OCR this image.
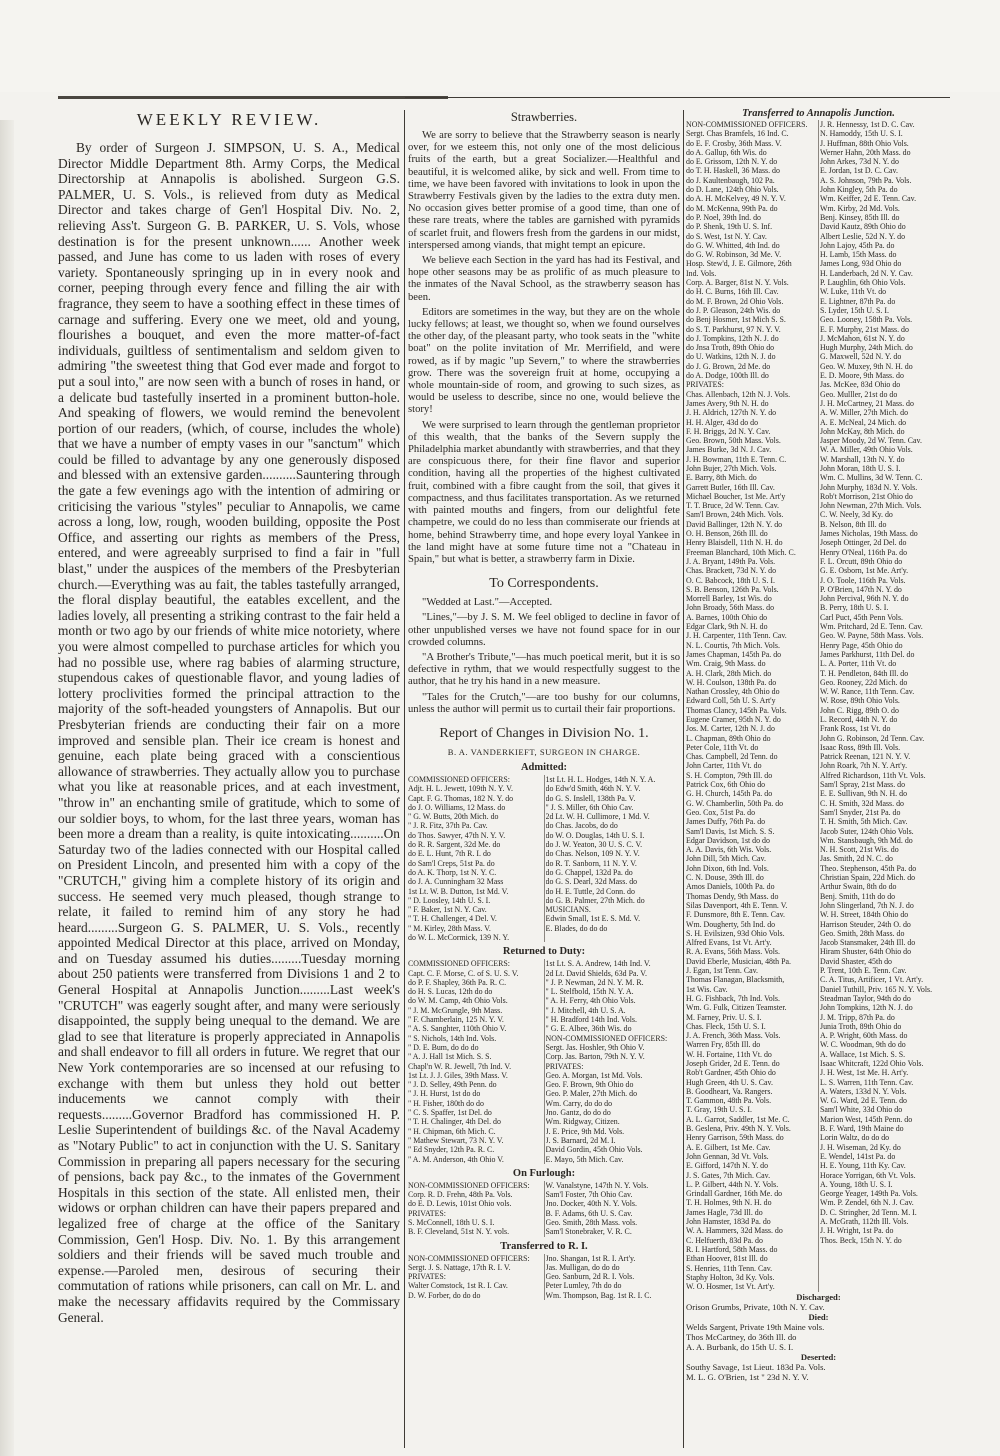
WEEKLY REVIEW.

By order of Surgeon J. SIMPSON, U. S. A., Medical Director Middle Department 8th. Army Corps, the Medical Directorship at Annapolis is abolished. Surgeon G.S. PALMER, U. S. Vols., is relieved from duty as Medical Director and takes charge of Gen'l Hospital Div. No. 2, relieving Ass't. Surgeon G. B. PARKER, U. S. Vols, whose destination is for the present unknown...... Another week passed, and June has come to us laden with roses of every variety. Spontaneously springing up in in every nook and corner, peeping through every fence and filling the air with fragrance, they seem to have a soothing effect in these times of carnage and suffering. Every one we meet, old and young, flourishes a bouquet, and even the more matter-of-fact individuals, guiltless of sentimentalism and seldom given to admiring "the sweetest thing that God ever made and forgot to put a soul into," are now seen with a bunch of roses in hand, or a delicate bud tastefully inserted in a prominent button-hole. And speaking of flowers, we would remind the benevolent portion of our readers, (which, of course, includes the whole) that we have a number of empty vases in our "sanctum" which could be filled to advantage by any one generously disposed and blessed with an extensive garden..........Sauntering through the gate a few evenings ago with the intention of admiring or criticising the various "styles" peculiar to Annapolis, we came across a long, low, rough, wooden building, opposite the Post Office, and asserting our rights as members of the Press, entered, and were agreeably surprised to find a fair in "full blast," under the auspices of the members of the Presbyterian church.—Everything was au fait, the tables tastefully arranged, the floral display beautiful, the eatables excellent, and the ladies lovely, all presenting a striking contrast to the fair held a month or two ago by our friends of white mice notoriety, where you were almost compelled to purchase articles for which you had no possible use, where rag babies of alarming structure, stupendous cakes of questionable flavor, and young ladies of lottery proclivities formed the principal attraction to the majority of the soft-headed youngsters of Annapolis. But our Presbyterian friends are conducting their fair on a more improved and sensible plan. Their ice cream is honest and genuine, each plate being graced with a conscientious allowance of strawberries. They actually allow you to purchase what you like at reasonable prices, and at each investment, "throw in" an enchanting smile of gratitude, which to some of our soldier boys, to whom, for the last three years, woman has been more a dream than a reality, is quite intoxicating..........On Saturday two of the ladies connected with our Hospital called on President Lincoln, and presented him with a copy of the "CRUTCH," giving him a complete history of its origin and success. He seemed very much pleased, though strange to relate, it failed to remind him of any story he had heard.........Surgeon G. S. PALMER, U. S. Vols., recently appointed Medical Director at this place, arrived on Monday, and on Tuesday assumed his duties.........Tuesday morning about 250 patients were transferred from Divisions 1 and 2 to General Hospital at Annapolis Junction.........Last week's "CRUTCH" was eagerly sought after, and many were seriously disappointed, the supply being unequal to the demand. We are glad to see that literature is properly appreciated in Annapolis and shall endeavor to fill all orders in future. We regret that our New York contemporaries are so incensed at our refusing to exchange with them but unless they hold out better inducements we cannot comply with their requests.........Governor Bradford has commissioned H. P. Leslie Superintendent of buildings &c. of the Naval Academy as "Notary Public" to act in conjunction with the U. S. Sanitary Commission in preparing all papers necessary for the securing of pensions, back pay &c., to the inmates of the Government Hospitals in this section of the state. All enlisted men, their widows or orphan children can have their papers prepared and legalized free of charge at the office of the Sanitary Commission, Gen'l Hosp. Div. No. 1. By this arrangement soldiers and their friends will be saved much trouble and expense.—Paroled men, desirous of securing their commutation of rations while prisoners, can call on Mr. L. and make the necessary affidavits required by the Commissary General.

Strawberries.

We are sorry to believe that the Strawberry season is nearly over, for we esteem this, not only one of the most delicious fruits of the earth, but a great Socializer.—Healthful and beautiful, it is welcomed alike, by sick and well. From time to time, we have been favored with invitations to look in upon the Strawberry Festivals given by the ladies to the extra duty men. No occasion gives better promise of a good time, than one of these rare treats, where the tables are garnished with pyramids of scarlet fruit, and flowers fresh from the gardens in our midst, interspersed among viands, that might tempt an epicure.

We believe each Section in the yard has had its Festival, and hope other seasons may be as prolific of as much pleasure to the inmates of the Naval School, as the strawberry season has been.

Editors are sometimes in the way, but they are on the whole lucky fellows; at least, we thought so, when we found ourselves the other day, of the pleasant party, who took seats in the "white boat" on the polite invitation of Mr. Merrifield, and were rowed, as if by magic "up Severn," to where the strawberries grow. There was the sovereign fruit at home, occupying a whole mountain-side of room, and growing to such sizes, as would be useless to describe, since no one, would believe the story!

We were surprised to learn through the gentleman proprietor of this wealth, that the banks of the Severn supply the Philadelphia market abundantly with strawberries, and that they are conspicuous there, for their fine flavor and superior condition, having all the properties of the highest cultivated fruit, combined with a fibre caught from the soil, that gives it compactness, and thus facilitates transportation. As we returned with painted mouths and fingers, from our delightful fete champetre, we could do no less than commiserate our friends at home, behind Strawberry time, and hope every loyal Yankee in the land might have at some future time not a "Chateau in Spain," but what is better, a strawberry farm in Dixie.

To Correspondents.

"Wedded at Last."—Accepted.

"Lines,"—by J. S. M. We feel obliged to decline in favor of other unpublished verses we have not found space for in our crowded columns.

"A Brother's Tribute,"—has much poetical merit, but it is so defective in rythm, that we would respectfully suggest to the author, that he try his hand in a new measure.

"Tales for the Crutch,"—are too bushy for our columns, unless the author will permit us to curtail their fair proportions.

Report of Changes in Division No. 1.
B. A. VANDERKIEFT, SURGEON IN CHARGE.
Admitted:
COMMISSIONED OFFICERS:
Adjt. H. L. Jewett, 109th N. Y. V.
Capt. F. G. Thomas, 182 N. Y. do
do J. O. Williams, 12 Mass. do
" G. W. Butts, 20th Mich. do
" J. R. Fitz, 37th Pa. Cav.
do Thos. Sawyer, 47th N. Y. V.
do R. R. Sargent, 32d Me. do
do E. L. Hunt, 7th R. I. do
do Sam'l Creps, 51st Pa. do
do A. K. Thorp, 1st N. Y. C.
do J. A. Cunningham 32 Mass
1st Lt. W. B. Dutton, 1st Md. V.
" D. Loosley, 14th U. S. I.
" F. Baker, 1st N. Y. Cav.
" T. H. Challenger, 4 Del. V.
" M. Kirley, 28th Mass. V.
do W. L. McCormick, 139 N. Y.
1st Lt. H. L. Hodges, 14th N. Y. A.
do Edw'd Smith, 46th N. Y. V.
do G. S. Inslell, 138th Pa. V.
" J. S. Miller, 6th Ohio Cav.
2d Lt. W. H. Cullimore, 1 Md. V.
do Chas. Jacobs, do do
do W. O. Douglas, 14th U. S. I.
do J. W. Yeaton, 30 U. S. C. V.
do Chas. Nelson, 109 N. Y. V.
do R. T. Sanborn, 11 N. Y. V.
do G. Chappel, 132d Pa. do
do G. S. Dearl, 32d Mass. do
do H. E. Tuttle, 2d Conn. do
do G. B. Palmer, 27th Mich. do
MUSICIANS.
Edwin Small, 1st E. S. Md. V.
E. Blades, do do do
Returned to Duty:
COMMISSIONED OFFICERS:
Capt. C. F. Morse, C. of S. U. S. V.
do P. F. Shapley, 36th Pa. R. C.
do H. S. Lucas, 12th do do
do W. M. Camp, 4th Ohio Vols.
" J. M. McGrungle, 9th Mass.
" F. Chamberlain, 125 N. Y. V.
" A. S. Sanghter, 110th Ohio V.
" S. Nichols, 14th Ind. Vols.
" D. E. Bum, do do do
" A. J. Hall 1st Mich. S. S.
Chapl'n W. R. Jewell, 7th Ind. V.
1st Lt. J. J. Giles, 39th Mass. V.
" J. D. Selley, 49th Penn. do
" J. H. Hurst, 1st do do
" H. Fisher, 180th do do
" C. S. Spaffer, 1st Del. do
" T. H. Chalinger, 4th Del. do
" H. Chipman, 6th Mich. C.
" Mathew Stewart, 73 N. Y. V.
" Ed Snyder, 12th Pa. R. C.
" A. M. Anderson, 4th Ohio V.
1st Lt. S. A. Andrew, 14th Ind. V.
2d Lt. David Shields, 63d Pa. V.
" J. P. Newman, 2d N. Y. M. R.
" L. Stelfbold, 15th N. Y. A.
" A. H. Ferry, 4th Ohio Vols.
" J. Mitchell, 4th U. S. A.
" H. Bradford 14th Ind. Vols.
" G. E. Albee, 36th Wis. do
NON-COMMISSIONED OFFICERS:
Sergt. Jas. Hoshler, 9th Ohio V.
Corp. Jas. Barton, 79th N. Y. V.
PRIVATES:
Geo. A. Morgan, 1st Md. Vols.
Geo. F. Brown, 9th Ohio do
Geo. P. Maler, 27th Mich. do
Wm. Carry, do do do
Jno. Gantz, do do do
Wm. Ridgway, Citizen.
J. E. Price, 9th Md. Vols.
J. S. Barnard, 2d M. I.
David Gordin, 45th Ohio Vols.
E. Mayo, 5th Mich. Cav.
On Furlough:
NON-COMMISSIONED OFFICERS:
Corp. R. D. Frehn, 48th Pa. Vols.
do E. D. Lewis, 101st Ohio vols.
PRIVATES:
S. McConnell, 18th U. S. I.
B. F. Cleveland, 51st N. Y. vols.
W. Vanalstyne, 147th N. Y. Vols.
Sam'l Foster, 7th Ohio Cav.
Jno. Docker, 40th N. Y. Vols.
B. F. Adams, 6th U. S. Cav.
Geo. Smith, 28th Mass. vols.
Sam'l Stonebraker, V. R. C.
Transferred to R. I.
NON-COMMISSIONED OFFICERS:
Sergt. J. S. Nattage, 17th R. I. V.
PRIVATES:
Walter Comstock, 1st R. I. Cav.
D. W. Forber, do do do
Jno. Shangan, 1st R. I. Art'y.
Jas. Mulligan, do do do
Geo. Sanburn, 2d R. I. Vols.
Peter Lumley, 7th do do
Wm. Thompson, Bag. 1st R. I. C.
Transferred to Annapolis Junction.
NON-COMMISSIONED OFFICERS.
Sergt. Chas Bramfels, 16 Ind. C.
do E. F. Crosby, 36th Mass. V.
do A. Gallup, 6th Wis. do
do E. Grissom, 12th N. Y. do
do T. H. Haskell, 36 Mass. do
do J. Kaultenbaugh, 102 Pa.
do D. Lane, 124th Ohio Vols.
do A. H. McKelvey, 49 N. Y. V.
do M. McKenna, 99th Pa. do
do P. Noel, 39th Ind. do
do P. Shenk, 19th U. S. Inf.
do S. West, 1st N. Y. Cav.
do G. W. Whitted, 4th Ind. do
do G. W. Robinson, 3d Me. V.
Hosp. Stew'd, J. E. Gilmore, 26th
Ind. Vols.
Corp. A. Barger, 81st N. Y. Vols.
do H. C. Burns, 16th Ill. Cav.
do M. F. Brown, 2d Ohio Vols.
do J. P. Gleason, 24th Wis. do
do Benj Hosmer, 1st Mich S. S.
do S. T. Parkhurst, 97 N. Y. V.
do J. Tompkins, 12th N. J. do
do Jnsa Troth, 89th Ohio do
do U. Watkins, 12th N. J. do
do J. G. Brown, 2d Me. do
do A. Dodge, 100th Ill. do
PRIVATES:
Chas. Allenbach, 12th N. J. Vols.
James Avery, 9th N. H. do
J. H. Aldrich, 127th N. Y. do
H. H. Alger, 43d do do
F. H. Briggs, 2d N. Y. Cav.
Geo. Brown, 50th Mass. Vols.
James Burke, 3d N. J. Cav.
J. H. Bowman, 11th E. Tenn. C.
John Bujer, 27th Mich. Vols.
E. Barry, 8th Mich. do
Garrett Butler, 16th Ill. Cav.
Michael Boucher, 1st Me. Art'y
T. T. Bruce, 2d W. Tenn. Cav.
Sam'l Brown, 24th Mich. Vols.
David Ballinger, 12th N. Y. do
O. H. Benson, 26th Ill. do
Henry Blaisdell, 11th N. H. do
Freeman Blanchard, 10th Mich. C.
J. A. Bryant, 149th Pa. Vols.
Chas. Brackett, 73d N. Y. do
O. C. Babcock, 18th U. S. I.
S. B. Benson, 126th Pa. Vols.
Morrell Barley, 1st Wis. do
John Broady, 56th Mass. do
A. Barnes, 100th Ohio do
Edgar Clark, 9th N. H. do
J. H. Carpenter, 11th Tenn. Cav.
N. L. Courtis, 7th Mich. Vols.
James Chapman, 145th Pa. do
Wm. Craig, 9th Mass. do
A. H. Clark, 28th Mich. do
W. H. Coulson, 138th Pa. do
Nathan Crossley, 4th Ohio do
Edward Coll, 5th U. S. Art'y
Thomas Clancy, 145th Pa. Vols.
Eugene Cramer, 95th N. Y. do
Jos. M. Carter, 12th N. J. do
L. Chapman, 89th Ohio do
Peter Cole, 11th Vt. do
Chas. Campbell, 2d Tenn. do
John Carter, 11th Vt. do
S. H. Compton, 79th Ill. do
Patrick Cox, 6th Ohio do
G. H. Church, 145th Pa. do
G. W. Chamberlin, 50th Pa. do
Geo. Cox, 51st Pa. do
James Duffy, 76th Pa. do
Sam'l Davis, 1st Mich. S. S.
Edgar Davidson, 1st do do
A. A. Davis, 6th Wis. Vols.
John Dill, 5th Mich. Cav.
John Dixon, 6th Ind. Vols.
C. N. Douse, 39th Ill. do
Amos Daniels, 100th Pa. do
Thomas Dendy, 9th Mass. do
Silas Davenport, 4th E. Tenn. V.
F. Dunsmore, 8th E. Tenn. Cav.
Wm. Dougherty, 5th Ind. do
S. H. Evilsizen, 93d Ohio Vols.
Alfred Evans, 1st Vt. Art'y.
R. A. Evans, 56th Mass. Vols.
David Eberle, Musician, 48th Pa.
J. Egan, 1st Tenn. Cav.
Thomas Flanagan, Blacksmith,
1st Wis. Cav.
H. G. Fishback, 7th Ind. Vols.
Wm. G. Fulk, Citizen Teamster.
M. Farney, Priv. U. S. I.
Chas. Fleck, 15th U. S. I.
J. A. French, 36th Mass. Vols.
Warren Fry, 85th Ill. do
W. H. Fortaine, 11th Vt. do
Joseph Grider, 2d E. Tenn. do
Rob't Gardner, 45th Ohio do
Hugh Green, 4th U. S. Cav.
B. Goodheart, Va. Rangers.
T. Gammon, 48th Pa. Vols.
T. Gray, 19th U. S. I.
A. L. Garrot, Saddler, 1st Me. C.
B. Geslena, Priv. 49th N. Y. Vols.
Henry Garrison, 59th Mass. do
A. E. Gilbert, 1st Me. Cav.
John Gennan, 3d Vt. Vols.
E. Gifford, 147th N. Y. do
J. S. Gates, 7th Mich. Cav.
L. P. Gilbert, 44th N. Y. Vols.
Grindall Gardner, 16th Me. do
T. H. Holmes, 9th N. H. do
James Hagle, 73d Ill. do
John Hamster, 183d Pa. do
W. A. Hammers, 32d Mass. do
C. Helfuerth, 83d Pa. do
R. I. Hartford, 58th Mass. do
Ethan Hoover, 81st Ill. do
S. Henries, 11th Tenn. Cav.
Staphy Holton, 3d Ky. Vols.
W. O. Hosmer, 1st Vt. Art'y.
J. R. Hennessy, 1st D. C. Cav.
N. Hamoddy, 15th U. S. I.
J. Huffman, 88th Ohio Vols.
Werner Hahn, 20th Mass. do
John Arkes, 73d N. Y. do
E. Jordan, 1st D. C. Cav.
A. S. Johnson, 79th Pa. Vols.
John Kingley, 5th Pa. do
Wm. Keiffer, 2d E. Tenn. Cav.
Wm. Kirby, 2d Md. Vols.
Benj. Kinsey, 85th Ill. do
David Kautz, 89th Ohio do
Albert Leslie, 52d N. Y. do
John Lajoy, 45th Pa. do
H. Lamb, 15th Mass. do
James Long, 93d Ohio do
H. Landerbach, 2d N. Y. Cav.
P. Laughlin, 6th Ohio Vols.
W. Luke, 11th Vt. do
E. Lightner, 87th Pa. do
S. Lyder, 15th U. S. I.
Geo. Looney, 158th Pa. Vols.
E. F. Murphy, 21st Mass. do
J. McMahon, 61st N. Y. do
Hugh Murphy, 24th Mich. do
G. Maxwell, 52d N. Y. do
Geo. W. Muxey, 9th N. H. do
E. D. Moore, 9th Mass. do
Jas. McKee, 83d Ohio do
Geo. Mulller, 21st do do
J. H. McCartney, 21 Mass. do
A. W. Miller, 27th Mich. do
A. E. McNeal, 24 Mich. do
John McKay, 8th Mich. do
Jasper Moody, 2d W. Tenn. Cav.
W. A. Miller, 49th Ohio Vols.
W. Marshall, 13th N. Y. do
John Moran, 18th U. S. I.
Wm. C. Mullins, 3d W. Tenn. C.
John Murphy, 183d N. Y. Vols.
Rob't Morrison, 21st Ohio do
John Newman, 27th Mich. Vols.
C. W. Neely, 3d Ky. do
B. Nelson, 8th Ill. do
James Nicholas, 19th Mass. do
Joseph Ottinger, 2d Del. do
Henry O'Neal, 116th Pa. do
F. L. Orcutt, 89th Ohio do
G. E. Osborn, 1st Me. Art'y.
J. O. Toole, 116th Pa. Vols.
P. O'Brien, 147th N. Y. do
John Percival, 96th N. Y. do
B. Perry, 18th U. S. I.
Carl Puct, 45th Penn Vols.
Wm. Pritchard, 2d E. Tenn. Cav.
Geo. W. Payne, 58th Mass. Vols.
Henry Page, 45th Ohio do
James Parkhurst, 11th Del. do
L. A. Porter, 11th Vt. do
T. H. Pendleton, 84th Ill. do
Geo. Rooney, 22d Mich. do
W. W. Rance, 11th Tenn. Cav.
W. Rose, 89th Ohio Vols.
John C. Rigg, 89th O. do
L. Record, 44th N. Y. do
Frank Ross, 1st Vt. do
John G. Robinson, 2d Tenn. Cav.
Isaac Ross, 89th Ill. Vols.
Patrick Reenan, 121 N. Y. V.
John Roark, 7th N. Y. Art'y.
Alfred Richardson, 11th Vt. Vols.
Sam'l Spray, 21st Mass. do
E. E. Sullivan, 9th N. H. do
C. H. Smith, 32d Mass. do
Sam'l Snyder, 21st Pa. do
T. H. Smith, 5th Mich. Cav.
Jacob Suter, 124th Ohio Vols.
Wm. Stansbaugh, 9th Md. do
N. H. Scott, 21st Wis. do
Jas. Smith, 2d N. C. do
Theo. Stephenson, 45th Pa. do
Christian Spain, 22d Mich. do
Arthur Swain, 8th do do
Benj. Smith, 11th do do
John Slingerland, 7th N. J. do
W. H. Street, 184th Ohio do
Harrison Steuder, 24th O. do
Geo. Smith, 28th Mass. do
Jacob Stansmaker, 24th Ill. do
Hiram Shuster, 64th Ohio do
David Shaster, 45th do
P. Trent, 10th E. Tenn. Cav.
C. A. Titus, Artificer, 1 Vt. Art'y.
Daniel Tuthill, Priv. 165 N. Y. Vols.
Steadman Taylor, 94th do do
John Tompkins, 12th N. J. do
J. M. Tripp, 87th Pa. do
Junia Troth, 89th Ohio do
A. P. Wright, 60th Mass. do
W. C. Woodman, 9th do do
A. Wallace, 1st Mich. S. S.
Isaac Whitcraft, 122d Ohio Vols.
J. H. West, 1st Me. H. Art'y.
L. S. Warren, 11th Tenn. Cav.
A. Waters, 133d N. Y. Vols.
W. G. Ward, 2d E. Tenn. do
Sam'l White, 33d Ohio do
Marion West, 145th Penn. do
B. F. Ward, 19th Maine do
Lorin Waltz, do do do
J. H. Wiseman, 2d Ky. do
E. Wendel, 141st Pa. do
H. E. Young, 11th Ky. Cav.
Horace Yorrigan, 6th Vt. Vols.
A. Young, 18th U. S. I.
George Yeager, 149th Pa. Vols.
Wm. P. Zendel, 6th N. J. Cav.
D. C. Stringher, 2d Tenn. M. I.
A. McGrath, 112th Ill. Vols.
J. H. Wright, 1st Pa. do
Thos. Beck, 15th N. Y. do
Discharged:
Orison Grumbs, Private, 10th N. Y. Cav.
Died:
Welds Sargent, Private 19th Maine vols.
Thos McCartney, do 36th Ill. do
A. A. Burbank, do 15th U. S. I.
Deserted:
Southy Savage, 1st Lieut. 183d Pa. Vols.
M. L. G. O'Brien, 1st " 23d N. Y. V.
